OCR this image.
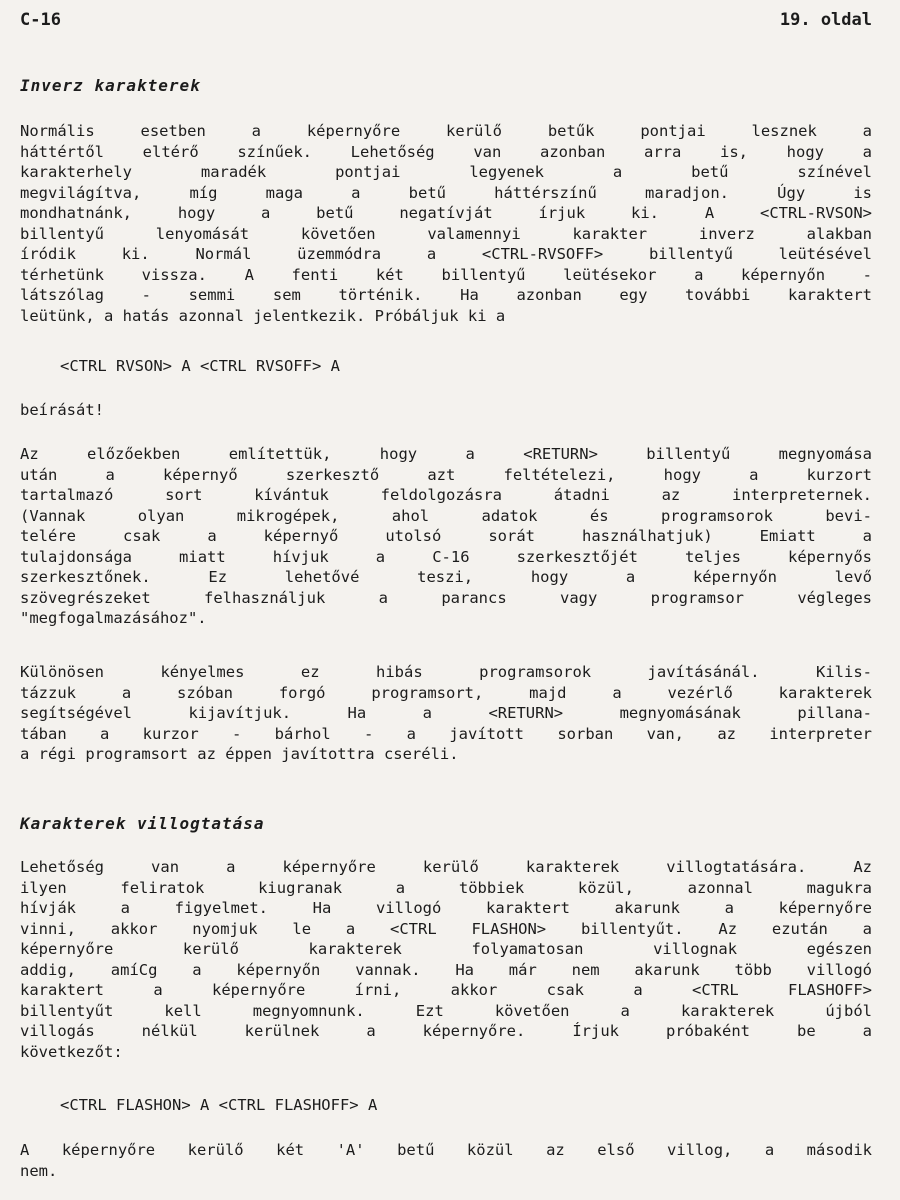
C-16	19. oldal
Inverz karakterek
Normális esetben a képernyőre kerülő betűk pontjai lesznek a
háttértől eltérő színűek. Lehetőség van azonban arra is, hogy a
karakterhely maradék pontjai legyenek a betű színével
megvilágítva, míg maga a betű háttérszínű maradjon. Úgy is
mondhatnánk, hogy a betű negatívját írjuk ki. A <CTRL-RVSON>
billentyű lenyomását követően valamennyi karakter inverz alakban
íródik ki. Normál üzemmódra a <CTRL-RVSOFF> billentyű leütésével
térhetünk vissza. A fenti két billentyű leütésekor a képernyőn -
látszólag - semmi sem történik. Ha azonban egy további karaktert
leütünk, a hatás azonnal jelentkezik. Próbáljuk ki a
<CTRL RVSON> A <CTRL RVSOFF> A
beírását!
Az előzőekben említettük, hogy a <RETURN> billentyű megnyomása
után a képernyő szerkesztő azt feltételezi, hogy a kurzort
tartalmazó sort kívántuk feldolgozásra átadni az interpreternek.
(Vannak olyan mikrogépek, ahol adatok és programsorok bevi-
telére csak a képernyő utolsó sorát használhatjuk) Emiatt a
tulajdonsága miatt hívjuk a C-16 szerkesztőjét teljes képernyős
szerkesztőnek. Ez lehetővé teszi, hogy a képernyőn levő
szövegrészeket felhasználjuk a parancs vagy programsor végleges
"megfogalmazásához".
Különösen kényelmes ez hibás programsorok javításánál. Kilis-
tázzuk a szóban forgó programsort, majd a vezérlő karakterek
segítségével kijavítjuk. Ha a <RETURN> megnyomásának pillana-
tában a kurzor - bárhol - a javított sorban van, az interpreter
a régi programsort az éppen javítottra cseréli.
Karakterek villogtatása
Lehetőség van a képernyőre kerülő karakterek villogtatására. Az
ilyen feliratok kiugranak a többiek közül, azonnal magukra
hívják a figyelmet. Ha villogó karaktert akarunk a képernyőre
vinni, akkor nyomjuk le a <CTRL FLASHON> billentyűt. Az ezután a
képernyőre kerülő karakterek folyamatosan villognak egészen
addig, amíCg a képernyőn vannak. Ha már nem akarunk több villogó
karaktert a képernyőre írni, akkor csak a <CTRL FLASHOFF>
billentyűt kell megnyomnunk. Ezt követően a karakterek újból
villogás nélkül kerülnek a képernyőre. Írjuk próbaként be a
következőt:
<CTRL FLASHON> A <CTRL FLASHOFF> A
A képernyőre kerülő két 'A' betű közül az első villog, a második
nem.
